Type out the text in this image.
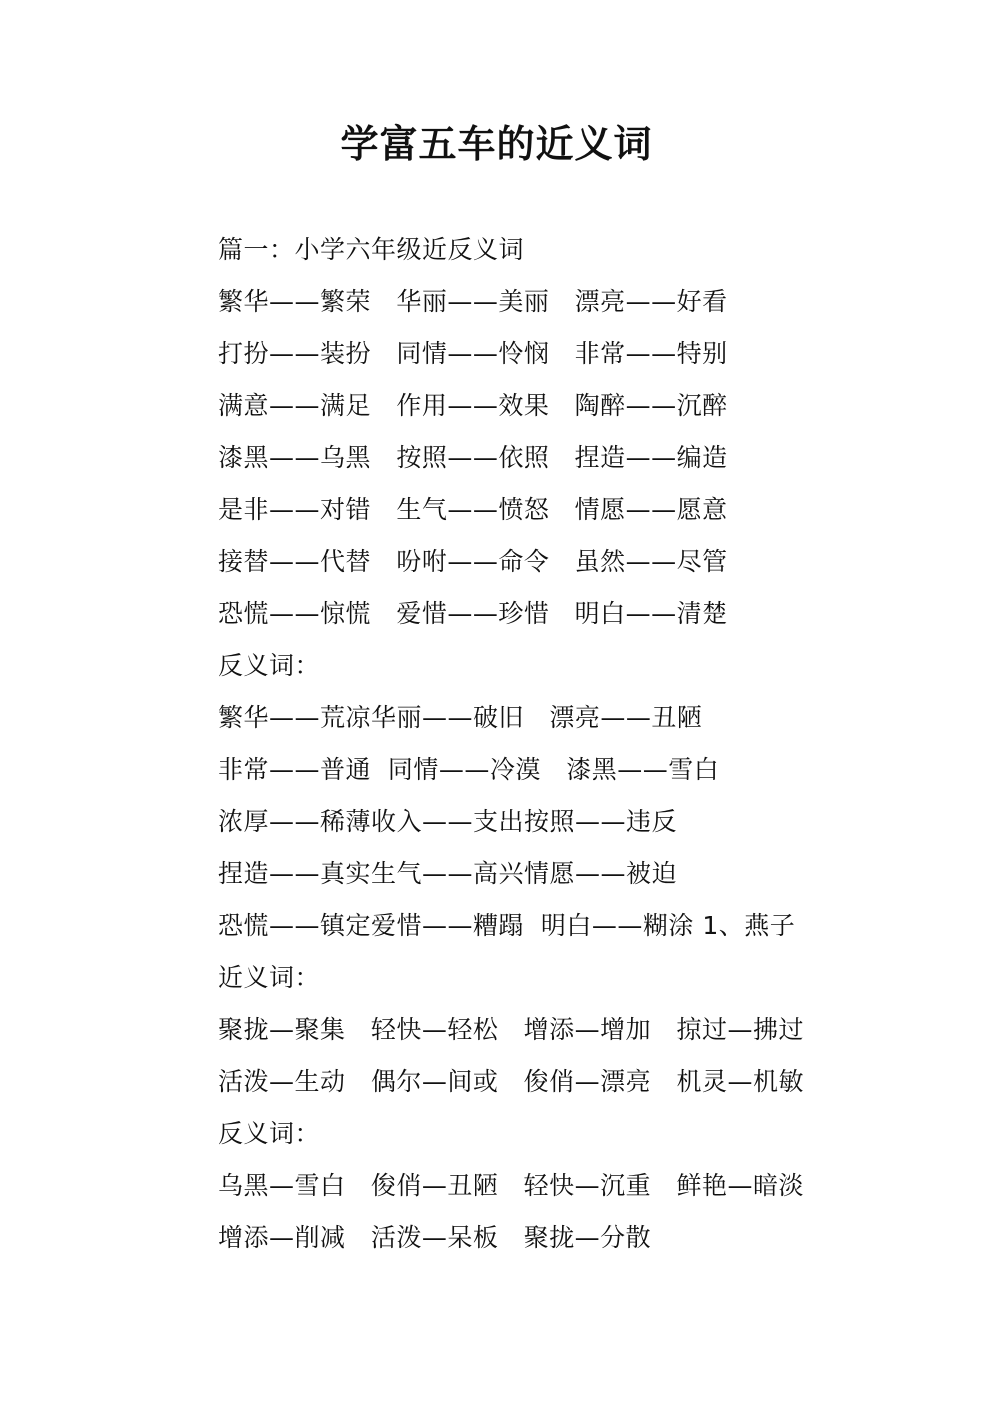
学富五车的近义词
篇一：小学六年级近反义词
繁华——繁荣   华丽——美丽   漂亮——好看
打扮——装扮   同情——怜悯   非常——特别
满意——满足   作用——效果   陶醉——沉醉
漆黑——乌黑   按照——依照   捏造——编造
是非——对错   生气——愤怒   情愿——愿意
接替——代替   吩咐——命令   虽然——尽管
恐慌——惊慌   爱惜——珍惜   明白——清楚
反义词：
繁华——荒凉华丽——破旧   漂亮——丑陋
非常——普通  同情——冷漠   漆黑——雪白
浓厚——稀薄收入——支出按照——违反
捏造——真实生气——高兴情愿——被迫
恐慌——镇定爱惜——糟蹋  明白——糊涂 1、燕子
近义词：
聚拢—聚集   轻快—轻松   增添—增加   掠过—拂过
活泼—生动   偶尔—间或   俊俏—漂亮   机灵—机敏
反义词：
乌黑—雪白   俊俏—丑陋   轻快—沉重   鲜艳—暗淡
增添—削减   活泼—呆板   聚拢—分散
